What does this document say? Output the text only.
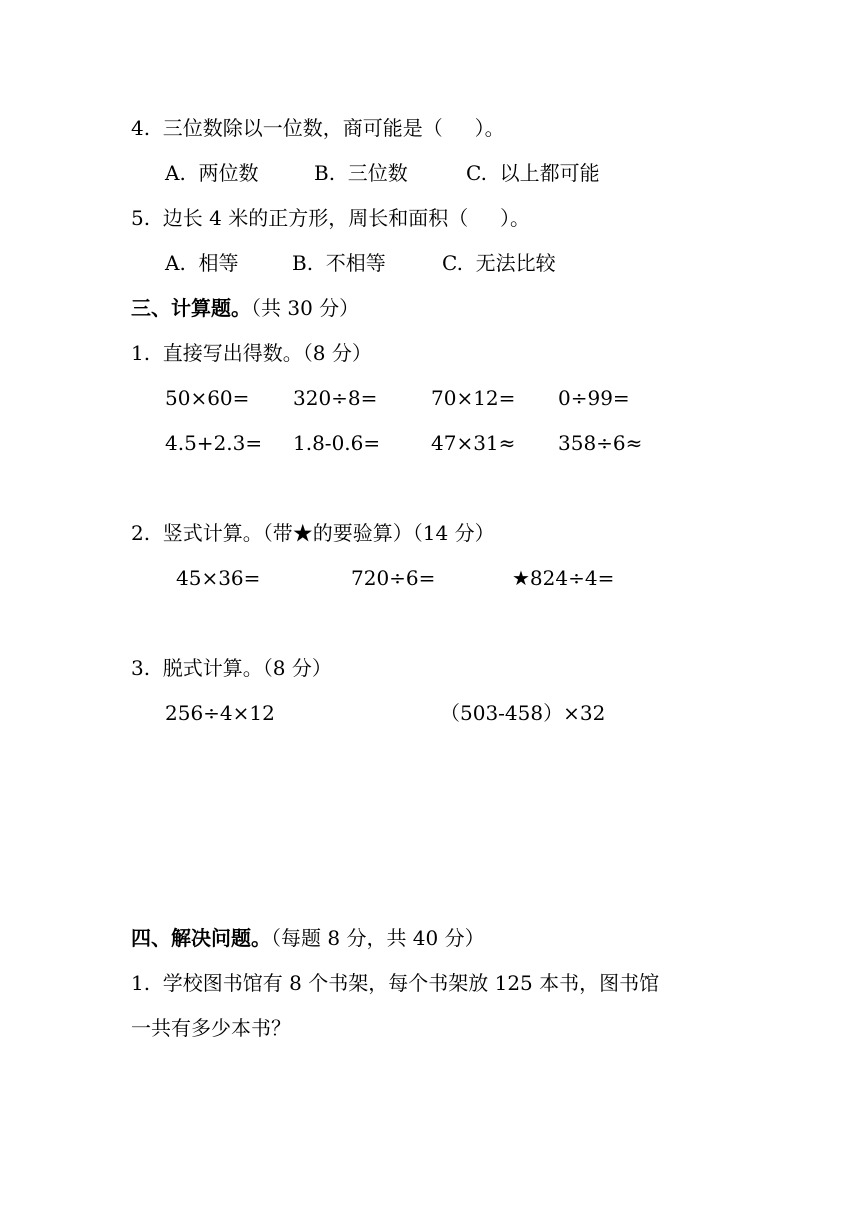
4.  三位数除以一位数，商可能是（     ）。
A.  两位数	B.  三位数	C.  以上都可能
5.  边长 4 米的正方形，周长和面积（     ）。
A.  相等	B.  不相等	C.  无法比较
三、计算题。（共 30 分）
1.  直接写出得数。（8 分）
50×60= 320÷8=	70×12= 0÷99=
4.5+2.3= 1.8-0.6=	47×31≈ 358÷6≈
2.  竖式计算。（带★的要验算）（14 分）
45×36=	720÷6=	★824÷4=
3.  脱式计算。（8 分）
256÷4×12	（503-458）×32
四、解决问题。（每题 8 分，共 40 分）
1.  学校图书馆有 8 个书架，每个书架放 125 本书，图书馆
一共有多少本书？
